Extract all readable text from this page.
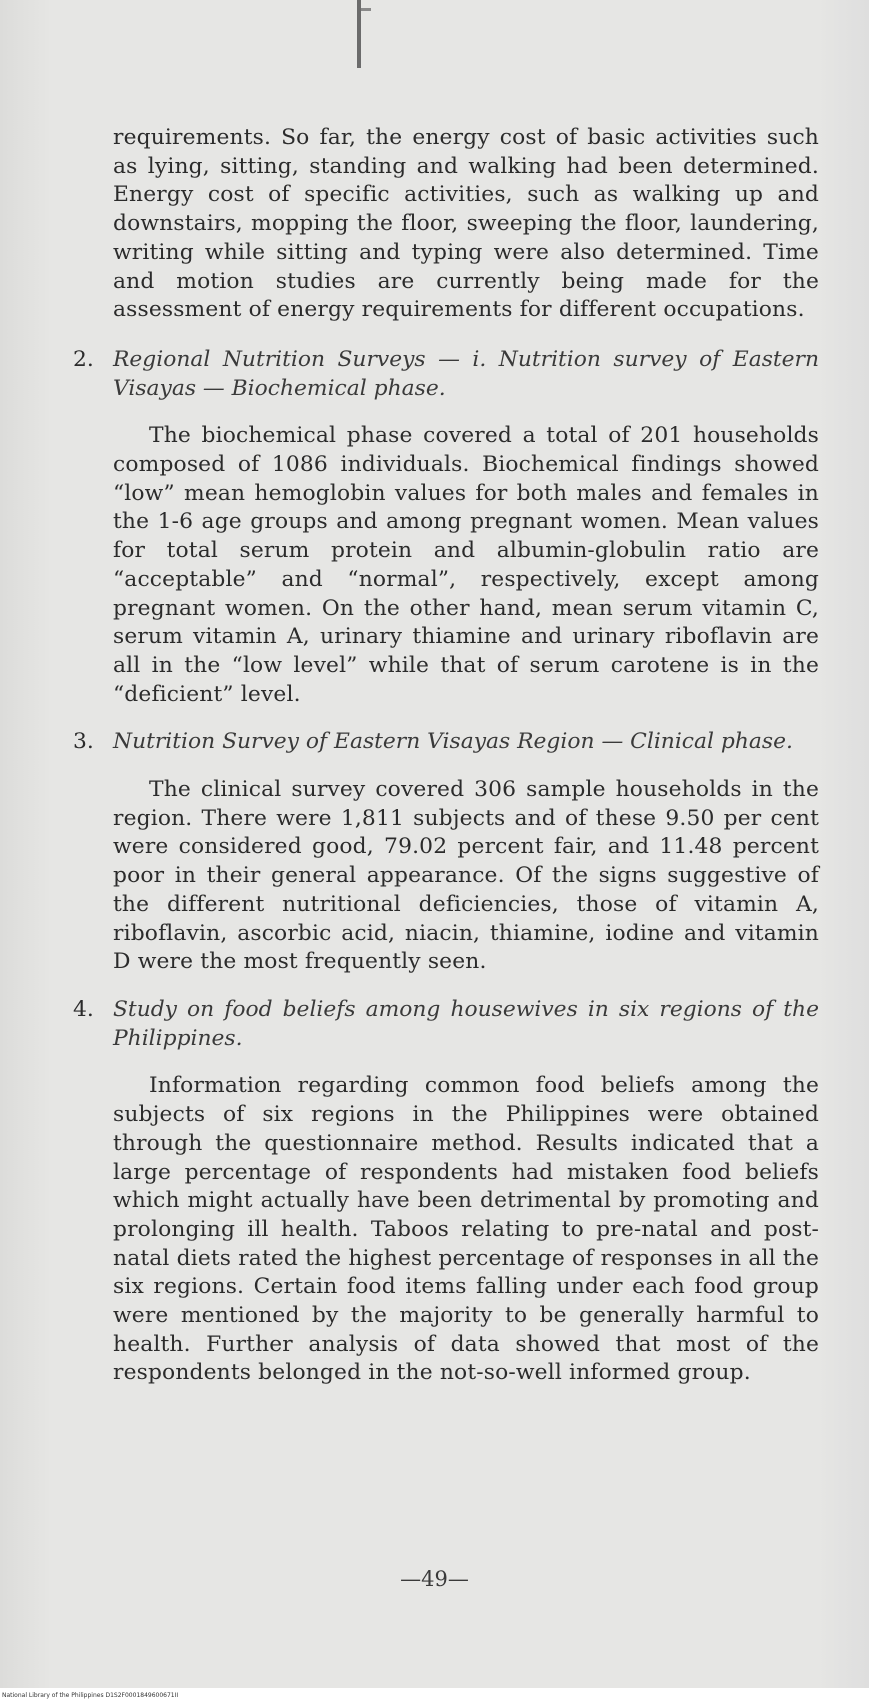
requirements. So far, the energy cost of basic activities such as lying, sitting, standing and walking had been determined. Energy cost of specific activities, such as walking up and downstairs, mopping the floor, sweeping the floor, laundering, writing while sitting and typing were also determined. Time and motion studies are currently being made for the assessment of energy requirements for different occupations.

2. Regional Nutrition Surveys — i. Nutrition survey of Eastern Visayas — Biochemical phase.

The biochemical phase covered a total of 201 households composed of 1086 individuals. Biochemical findings showed “low” mean hemoglobin values for both males and females in the 1-6 age groups and among pregnant women. Mean values for total serum protein and albumin-globulin ratio are “acceptable” and “normal”, respectively, except among pregnant women. On the other hand, mean serum vitamin C, serum vitamin A, urinary thiamine and urinary riboflavin are all in the “low level” while that of serum carotene is in the “deficient” level.

3. Nutrition Survey of Eastern Visayas Region — Clinical phase.

The clinical survey covered 306 sample households in the region. There were 1,811 subjects and of these 9.50 per cent were considered good, 79.02 percent fair, and 11.48 percent poor in their general appearance. Of the signs suggestive of the different nutritional deficiencies, those of vitamin A, riboflavin, ascorbic acid, niacin, thiamine, iodine and vitamin D were the most frequently seen.

4. Study on food beliefs among housewives in six regions of the Philippines.

Information regarding common food beliefs among the subjects of six regions in the Philippines were obtained through the questionnaire method. Results indicated that a large percentage of respondents had mistaken food beliefs which might actually have been detrimental by promoting and prolonging ill health. Taboos relating to pre-natal and post-natal diets rated the highest percentage of responses in all the six regions. Certain food items falling under each food group were mentioned by the majority to be generally harmful to health. Further analysis of data showed that most of the respondents belonged in the not-so-well informed group.

—49—
National Library of the Philippines D1S2F0001849600671II
